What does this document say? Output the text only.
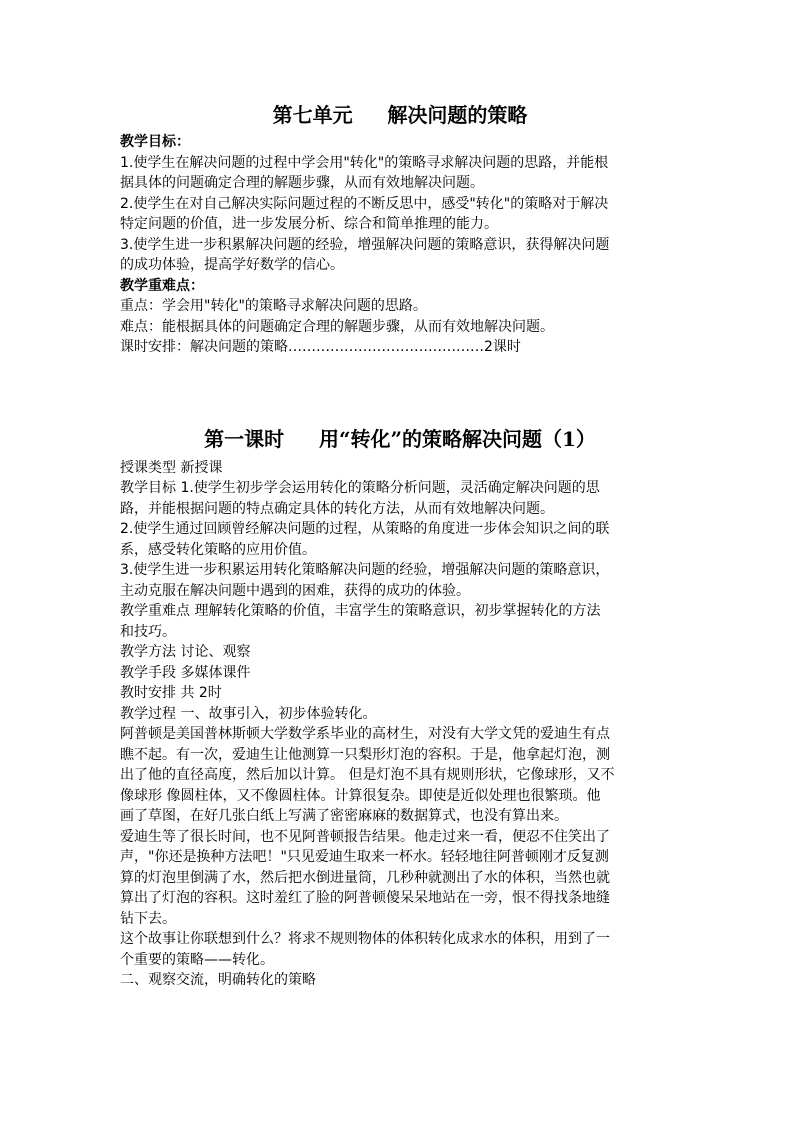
第七单元     解决问题的策略
教学目标：
1.使学生在解决问题的过程中学会用"转化"的策略寻求解决问题的思路，并能根
据具体的问题确定合理的解题步骤，从而有效地解决问题。
2.使学生在对自己解决实际问题过程的不断反思中，感受"转化"的策略对于解决
特定问题的价值，进一步发展分析、综合和简单推理的能力。
3.使学生进一步积累解决问题的经验，增强解决问题的策略意识，获得解决问题
的成功体验，提高学好数学的信心。
教学重难点：
重点：学会用"转化"的策略寻求解决问题的思路。
难点：能根据具体的问题确定合理的解题步骤，从而有效地解决问题。
课时安排：解决问题的策略……………………………………2课时
第一课时     用“转化”的策略解决问题（1）
授课类型 新授课
教学目标 1.使学生初步学会运用转化的策略分析问题，灵活确定解决问题的思
路，并能根据问题的特点确定具体的转化方法，从而有效地解决问题。
2.使学生通过回顾曾经解决问题的过程，从策略的角度进一步体会知识之间的联
系，感受转化策略的应用价值。
3.使学生进一步积累运用转化策略解决问题的经验，增强解决问题的策略意识，
主动克服在解决问题中遇到的困难，获得的成功的体验。
教学重难点 理解转化策略的价值，丰富学生的策略意识，初步掌握转化的方法
和技巧。
教学方法 讨论、观察
教学手段 多媒体课件
教时安排 共 2时
教学过程 一、故事引入，初步体验转化。
阿普顿是美国普林斯顿大学数学系毕业的高材生，对没有大学文凭的爱迪生有点
瞧不起。有一次，爱迪生让他测算一只梨形灯泡的容积。于是，他拿起灯泡，测
出了他的直径高度，然后加以计算。 但是灯泡不具有规则形状，它像球形，又不
像球形 像圆柱体，又不像圆柱体。计算很复杂。即使是近似处理也很繁琐。他
画了草图，在好几张白纸上写满了密密麻麻的数据算式，也没有算出来。
爱迪生等了很长时间，也不见阿普顿报告结果。他走过来一看，便忍不住笑出了
声，"你还是换种方法吧！"只见爱迪生取来一杯水。轻轻地往阿普顿刚才反复测
算的灯泡里倒满了水，然后把水倒进量筒，几秒种就测出了水的体积，当然也就
算出了灯泡的容积。这时羞红了脸的阿普顿傻呆呆地站在一旁，恨不得找条地缝
钻下去。
这个故事让你联想到什么？将求不规则物体的体积转化成求水的体积，用到了一
个重要的策略——转化。
二、观察交流，明确转化的策略
